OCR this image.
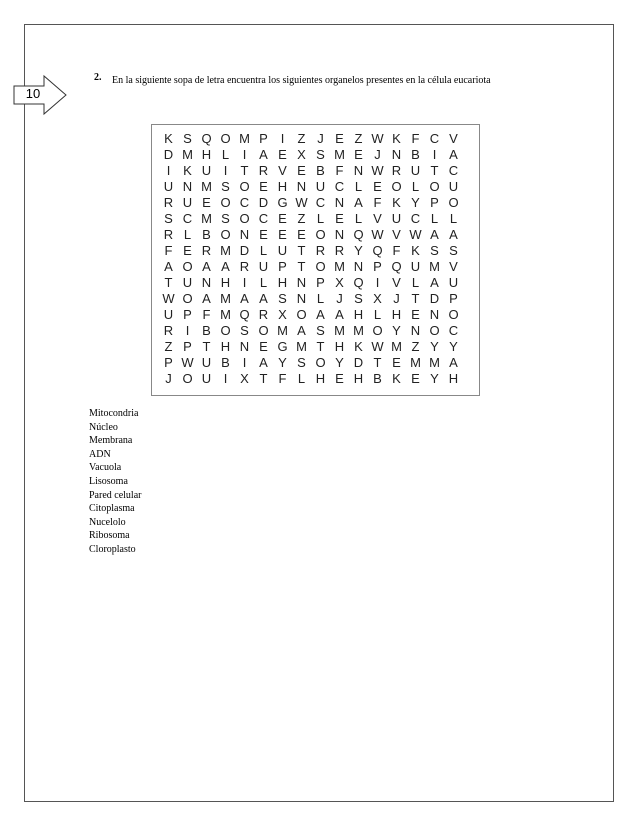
10
2. En la siguiente sopa de letra encuentra los siguientes organelos presentes en la célula eucariota
K S Q O M P I	Z J E Z W K F C V
D M H L	I A E X S M E J N B I A
I K U I	T R V E B F N W R U T C
U N M S O E H N U C L E O L O U
R U E O C D G W C N A F K Y P O
S C M S O C E Z L E L V U C L L
R L B O N E E E O N Q W V W A A
F E R M D L U T R R Y Q F K S S
A O A A R U P T O M N P Q U M V
T U N H I	L H N P X Q I V L A U
W O A M A A S N L J S X J T D P
U P F M Q R X O A A H L H E N O
R I B O S O M A S M M O Y N O C
Z P T H N E G M T H K W M Z Y Y
P W U B I A Y S O Y D T E M M A
J O U I X T F L H E H B K E Y H
Mitocondria
Núcleo
Membrana
ADN
Vacuola
Lisosoma
Pared celular
Citoplasma
Nucelolo
Ribosoma
Cloroplasto
